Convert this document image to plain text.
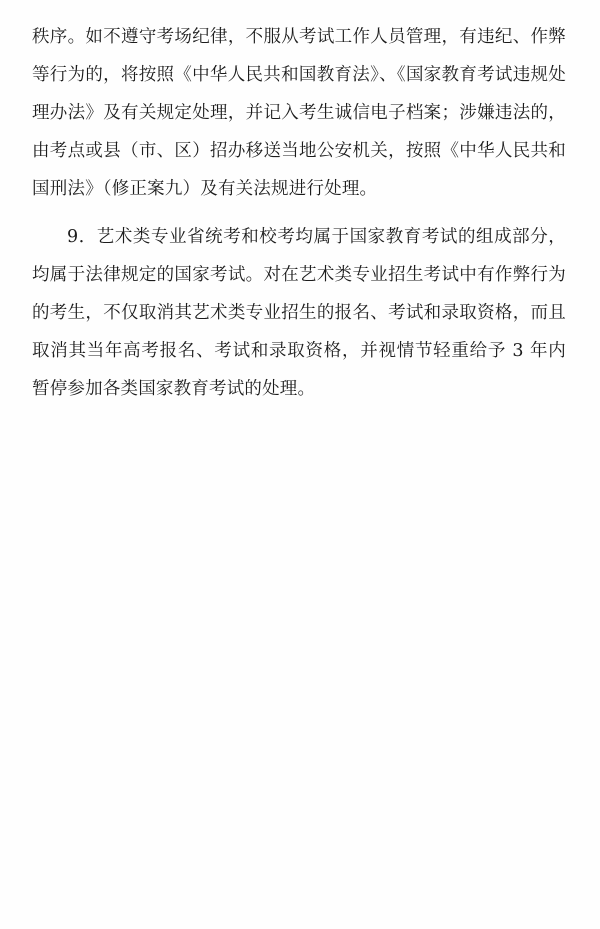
秩序。如不遵守考场纪律，不服从考试工作人员管理，有违纪、作弊等行为的，将按照《中华人民共和国教育法》、《国家教育考试违规处理办法》及有关规定处理，并记入考生诚信电子档案；涉嫌违法的，由考点或县（市、区）招办移送当地公安机关，按照《中华人民共和国刑法》（修正案九）及有关法规进行处理。

9．艺术类专业省统考和校考均属于国家教育考试的组成部分，均属于法律规定的国家考试。对在艺术类专业招生考试中有作弊行为的考生，不仅取消其艺术类专业招生的报名、考试和录取资格，而且取消其当年高考报名、考试和录取资格，并视情节轻重给予 3 年内暂停参加各类国家教育考试的处理。
